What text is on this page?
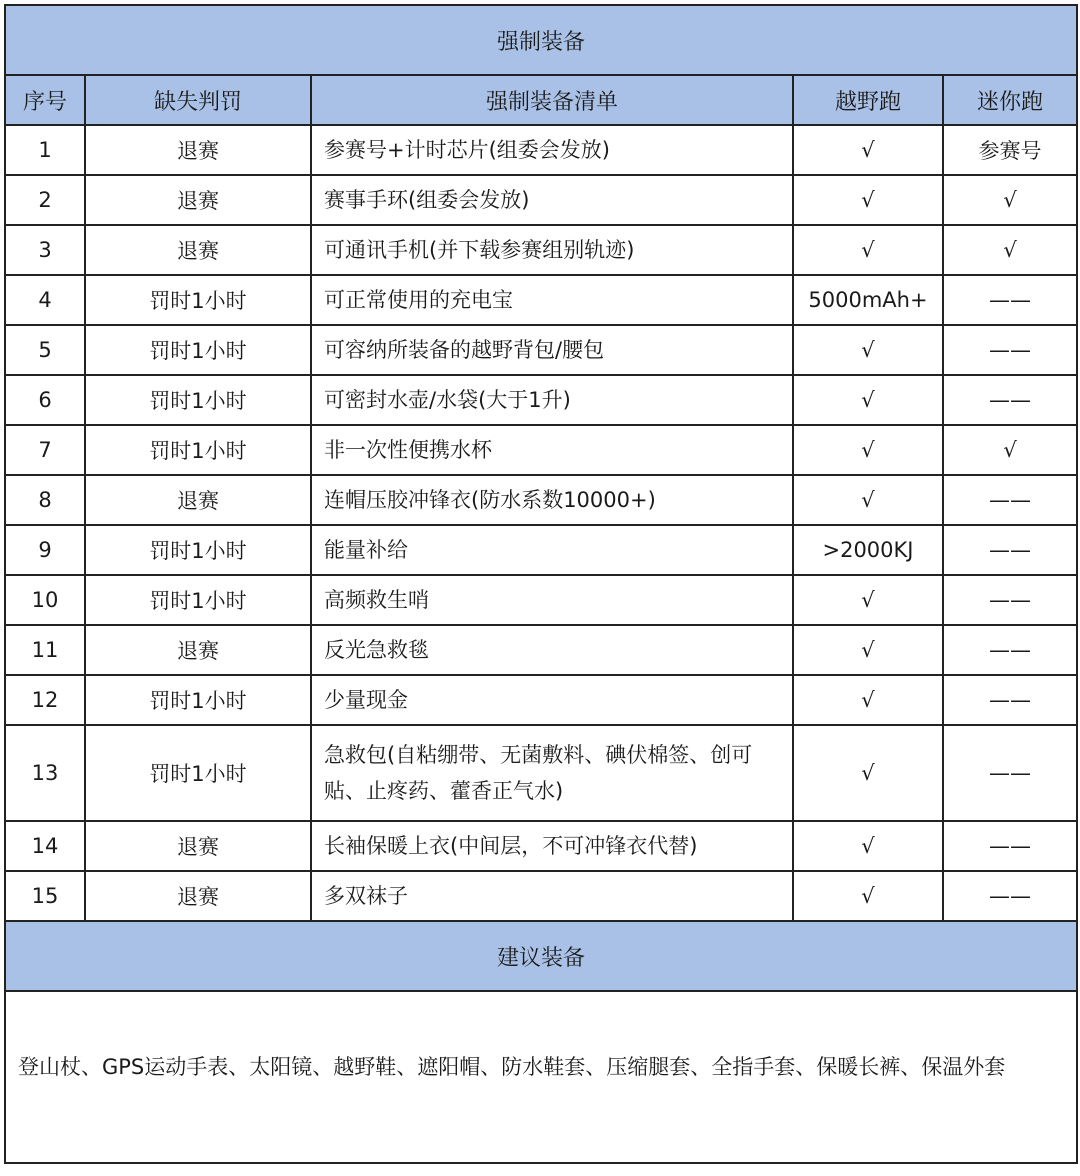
强制装备				
序号	缺失判罚	强制装备清单	越野跑	迷你跑
1	退赛	参赛号+计时芯片(组委会发放)	√	参赛号
2	退赛	赛事手环(组委会发放)	√	√
3	退赛	可通讯手机(并下载参赛组别轨迹)	√	√
4	罚时1小时	可正常使用的充电宝	5000mAh+	——
5	罚时1小时	可容纳所装备的越野背包/腰包	√	——
6	罚时1小时	可密封水壶/水袋(大于1升)	√	——
7	罚时1小时	非一次性便携水杯	√	√
8	退赛	连帽压胶冲锋衣(防水系数10000+)	√	——
9	罚时1小时	能量补给	>2000KJ	——
10	罚时1小时	高频救生哨	√	——
11	退赛	反光急救毯	√	——
12	罚时1小时	少量现金	√	——
13	罚时1小时	急救包(自粘绷带、无菌敷料、碘伏棉签、创可贴、止疼药、藿香正气水)	√	——
14	退赛	长袖保暖上衣(中间层，不可冲锋衣代替)	√	——
15	退赛	多双袜子	√	——
建议装备				
登山杖、GPS运动手表、太阳镜、越野鞋、遮阳帽、防水鞋套、压缩腿套、全指手套、保暖长裤、保温外套				
